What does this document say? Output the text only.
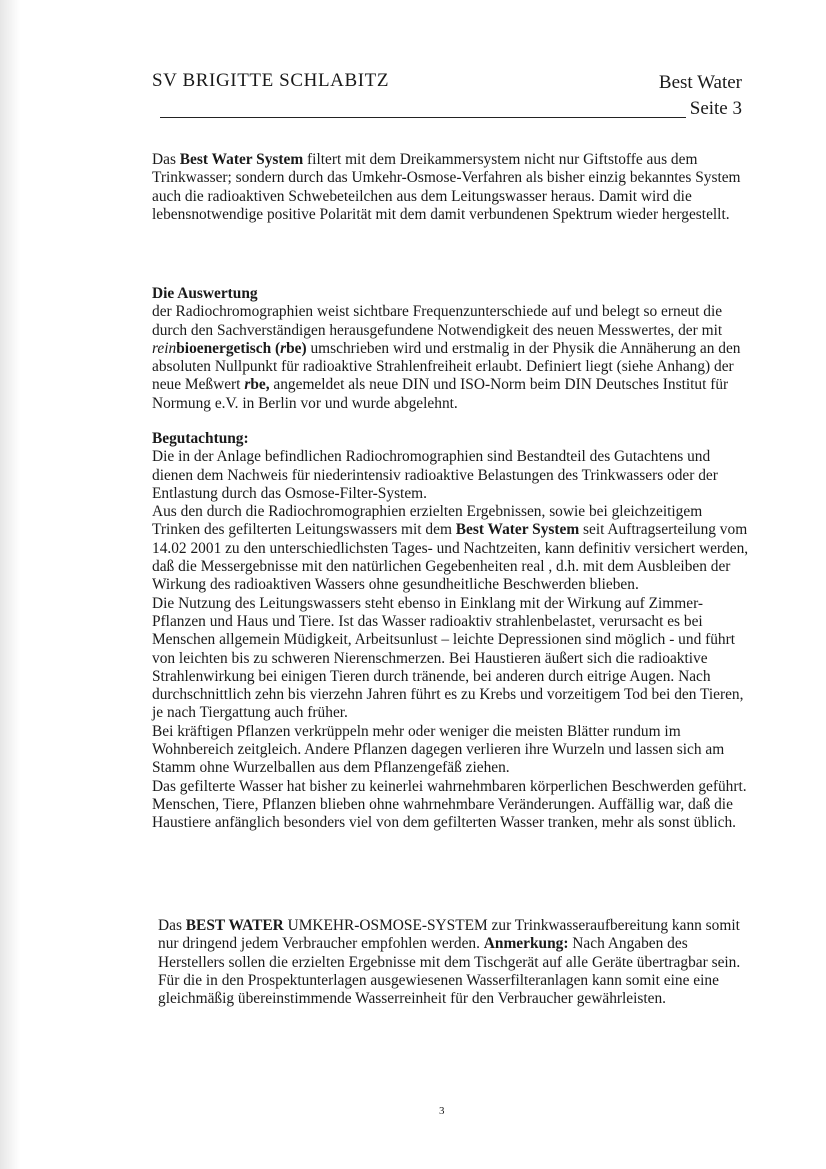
SV BRIGITTE SCHLABITZ	Best Water
Seite 3
Das Best Water System filtert mit dem Dreikammersystem nicht nur Giftstoffe aus dem Trinkwasser; sondern durch das Umkehr-Osmose-Verfahren als bisher einzig bekanntes System auch die radioaktiven Schwebeteilchen aus dem Leitungswasser heraus. Damit wird die lebensnotwendige positive Polarität mit dem damit verbundenen Spektrum wieder hergestellt.

Die Auswertung

der Radiochromographien weist sichtbare Frequenzunterschiede auf und belegt so erneut die durch den Sachverständigen herausgefundene Notwendigkeit des neuen Messwertes, der mit reinbioenergetisch (rbe) umschrieben wird und erstmalig in der Physik die Annäherung an den absoluten Nullpunkt für radioaktive Strahlenfreiheit erlaubt. Definiert liegt (siehe Anhang) der neue Meßwert rbe, angemeldet als neue DIN und ISO-Norm beim DIN Deutsches Institut für Normung e.V. in Berlin vor und wurde abgelehnt.

Begutachtung:

Die in der Anlage befindlichen Radiochromographien sind Bestandteil des Gutachtens und dienen dem Nachweis für niederintensiv radioaktive Belastungen des Trinkwassers oder der Entlastung durch das Osmose-Filter-System.

Aus den durch die Radiochromographien erzielten Ergebnissen, sowie bei gleichzeitigem Trinken des gefilterten Leitungswassers mit dem Best Water System seit Auftragserteilung vom 14.02 2001 zu den unterschiedlichsten Tages- und Nachtzeiten, kann definitiv versichert werden, daß die Messergebnisse mit den natürlichen Gegebenheiten real , d.h. mit dem Ausbleiben der Wirkung des radioaktiven Wassers ohne gesundheitliche Beschwerden blieben.

Die Nutzung des Leitungswassers steht ebenso in Einklang mit der Wirkung auf Zimmer-Pflanzen und Haus und Tiere. Ist das Wasser radioaktiv strahlenbelastet, verursacht es bei Menschen allgemein Müdigkeit, Arbeitsunlust – leichte Depressionen sind möglich - und führt von leichten bis zu schweren Nierenschmerzen. Bei Haustieren äußert sich die radioaktive Strahlenwirkung bei einigen Tieren durch tränende, bei anderen durch eitrige Augen. Nach durchschnittlich zehn bis vierzehn Jahren führt es zu Krebs und vorzeitigem Tod bei den Tieren, je nach Tiergattung auch früher.

Bei kräftigen Pflanzen verkrüppeln mehr oder weniger die meisten Blätter rundum im Wohnbereich zeitgleich. Andere Pflanzen dagegen verlieren ihre Wurzeln und lassen sich am Stamm ohne Wurzelballen aus dem Pflanzengefäß ziehen.

Das gefilterte Wasser hat bisher zu keinerlei wahrnehmbaren körperlichen Beschwerden geführt. Menschen, Tiere, Pflanzen blieben ohne wahrnehmbare Veränderungen. Auffällig war, daß die Haustiere anfänglich besonders viel von dem gefilterten Wasser tranken, mehr als sonst üblich.

Das BEST WATER UMKEHR-OSMOSE-SYSTEM zur Trinkwasseraufbereitung kann somit nur dringend jedem Verbraucher empfohlen werden. Anmerkung: Nach Angaben des Herstellers sollen die erzielten Ergebnisse mit dem Tischgerät auf alle Geräte übertragbar sein. Für die in den Prospektunterlagen ausgewiesenen Wasserfilteranlagen kann somit eine eine gleichmäßig übereinstimmende Wasserreinheit für den Verbraucher gewährleisten.
3
